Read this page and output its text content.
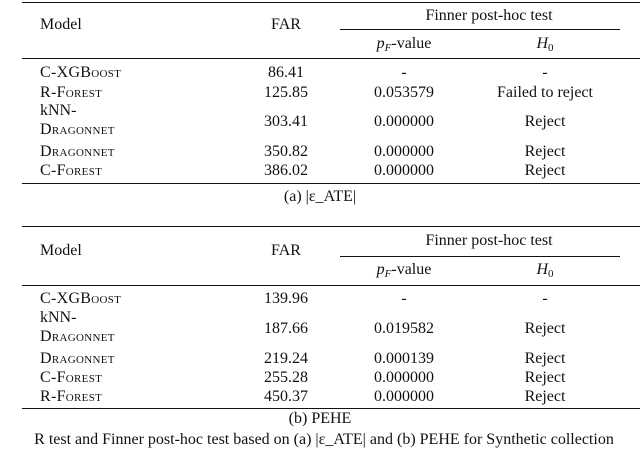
Model	FAR
Finner post-hoc test
$p_F$-value	$H_0$
C-XGBoost	86.41	-	-
R-Forest	125.85	0.053579	Failed to reject
kNN-
Dragonnet	303.41	0.000000	Reject
Dragonnet	350.82	0.000000	Reject
C-Forest	386.02	0.000000	Reject
(a) |ε_ATE|
Model	FAR
Finner post-hoc test
$p_F$-value	$H_0$
C-XGBoost	139.96	-	-
kNN-
Dragonnet	187.66	0.019582	Reject
Dragonnet	219.24	0.000139	Reject
C-Forest	255.28	0.000000	Reject
R-Forest	450.37	0.000000	Reject
(b) PEHE
R test and Finner post-hoc test based on (a) |ε_ATE| and (b) PEHE for Synthetic collection
